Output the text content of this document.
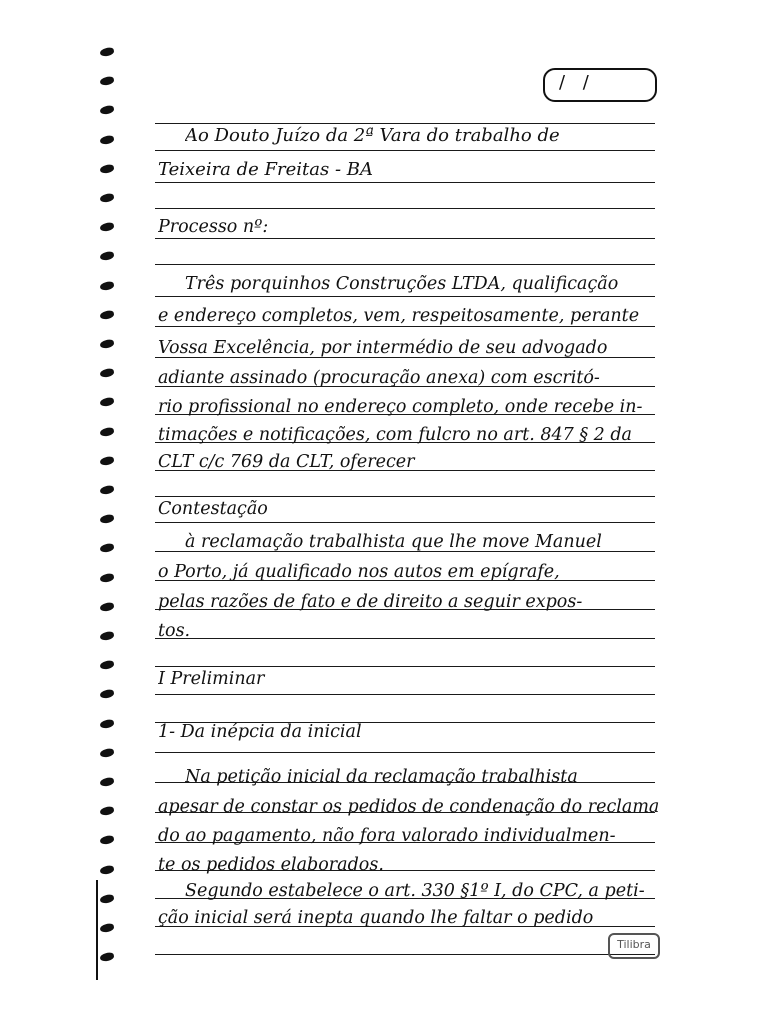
/ /
Ao Douto Juízo da 2ª Vara do trabalho de
Teixeira de Freitas - BA
Processo nº:
Três porquinhos Construções LTDA, qualificação
e endereço completos, vem, respeitosamente, perante
Vossa Excelência, por intermédio de seu advogado
adiante assinado (procuração anexa) com escritó-
rio profissional no endereço completo, onde recebe in-
timações e notificações, com fulcro no art. 847 § 2 da
CLT c/c 769 da CLT, oferecer
Contestação
à reclamação trabalhista que lhe move Manuel
o Porto, já qualificado nos autos em epígrafe,
pelas razões de fato e de direito a seguir expos-
tos.
I Preliminar
1- Da inépcia da inicial
Na petição inicial da reclamação trabalhista
apesar de constar os pedidos de condenação do reclama
do ao pagamento, não fora valorado individualmen-
te os pedidos elaborados.
Segundo estabelece o art. 330 §1º I, do CPC, a peti-
ção inicial será inepta quando lhe faltar o pedido
Tilibra
